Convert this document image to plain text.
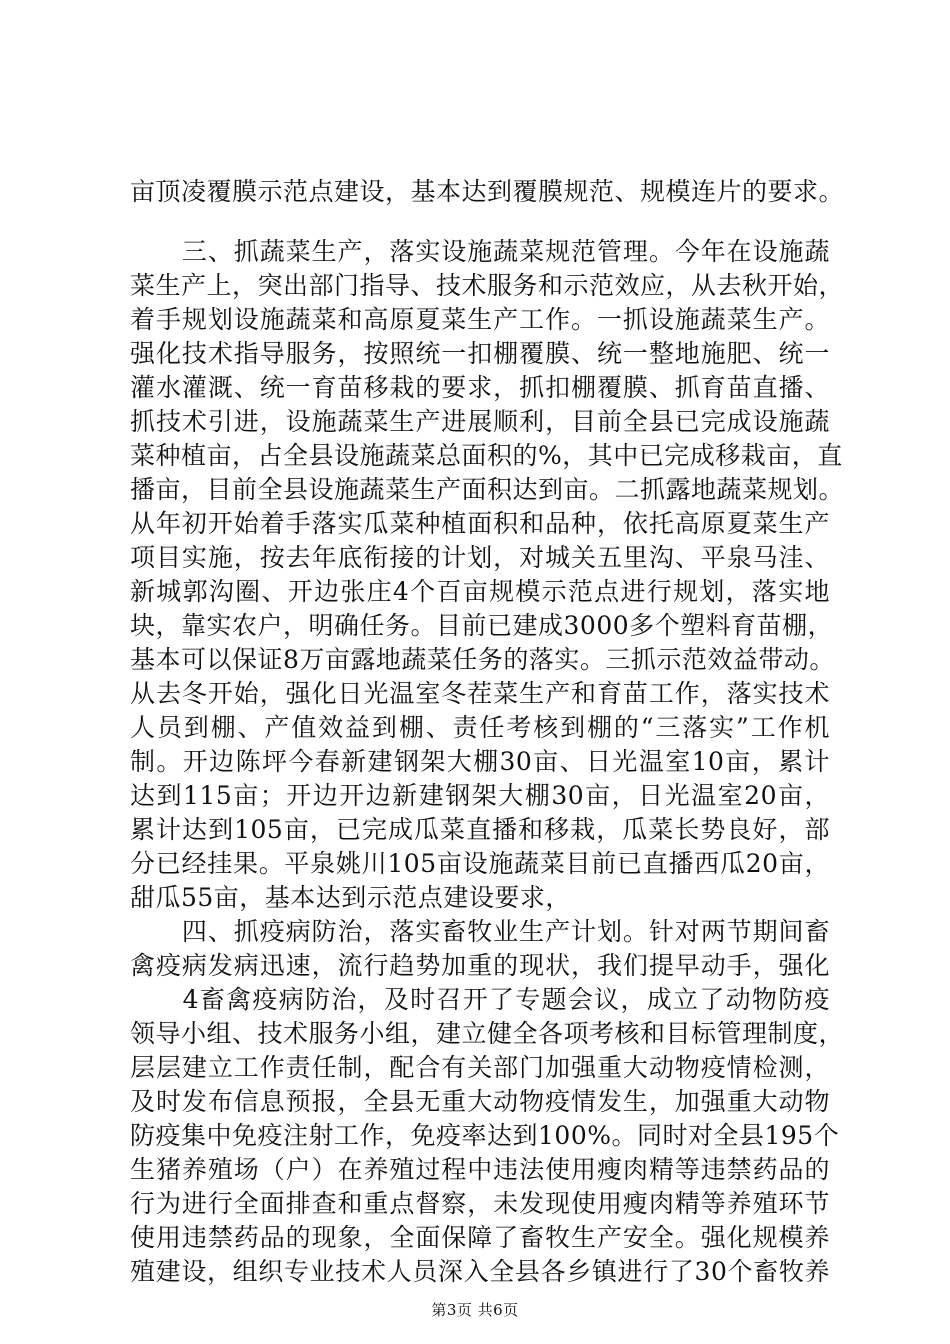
亩顶凌覆膜示范点建设，基本达到覆膜规范、规模连片的要求。
　　三、抓蔬菜生产，落实设施蔬菜规范管理。今年在设施蔬
菜生产上，突出部门指导、技术服务和示范效应，从去秋开始，
着手规划设施蔬菜和高原夏菜生产工作。一抓设施蔬菜生产。
强化技术指导服务，按照统一扣棚覆膜、统一整地施肥、统一
灌水灌溉、统一育苗移栽的要求，抓扣棚覆膜、抓育苗直播、
抓技术引进，设施蔬菜生产进展顺利，目前全县已完成设施蔬
菜种植亩，占全县设施蔬菜总面积的%，其中已完成移栽亩，直
播亩，目前全县设施蔬菜生产面积达到亩。二抓露地蔬菜规划。
从年初开始着手落实瓜菜种植面积和品种，依托高原夏菜生产
项目实施，按去年底衔接的计划，对城关五里沟、平泉马洼、
新城郭沟圈、开边张庄4个百亩规模示范点进行规划，落实地
块，靠实农户，明确任务。目前已建成3000多个塑料育苗棚，
基本可以保证8万亩露地蔬菜任务的落实。三抓示范效益带动。
从去冬开始，强化日光温室冬茬菜生产和育苗工作，落实技术
人员到棚、产值效益到棚、责任考核到棚的“三落实”工作机
制。开边陈坪今春新建钢架大棚30亩、日光温室10亩，累计
达到115亩；开边开边新建钢架大棚30亩，日光温室20亩，
累计达到105亩，已完成瓜菜直播和移栽，瓜菜长势良好，部
分已经挂果。平泉姚川105亩设施蔬菜目前已直播西瓜20亩，
甜瓜55亩，基本达到示范点建设要求，
　　四、抓疫病防治，落实畜牧业生产计划。针对两节期间畜
禽疫病发病迅速，流行趋势加重的现状，我们提早动手，强化
　　4畜禽疫病防治，及时召开了专题会议，成立了动物防疫
领导小组、技术服务小组，建立健全各项考核和目标管理制度，
层层建立工作责任制，配合有关部门加强重大动物疫情检测，
及时发布信息预报，全县无重大动物疫情发生，加强重大动物
防疫集中免疫注射工作，免疫率达到100%。同时对全县195个
生猪养殖场（户）在养殖过程中违法使用瘦肉精等违禁药品的
行为进行全面排查和重点督察，未发现使用瘦肉精等养殖环节
使用违禁药品的现象，全面保障了畜牧生产安全。强化规模养
殖建设，组织专业技术人员深入全县各乡镇进行了30个畜牧养
第3页 共6页
